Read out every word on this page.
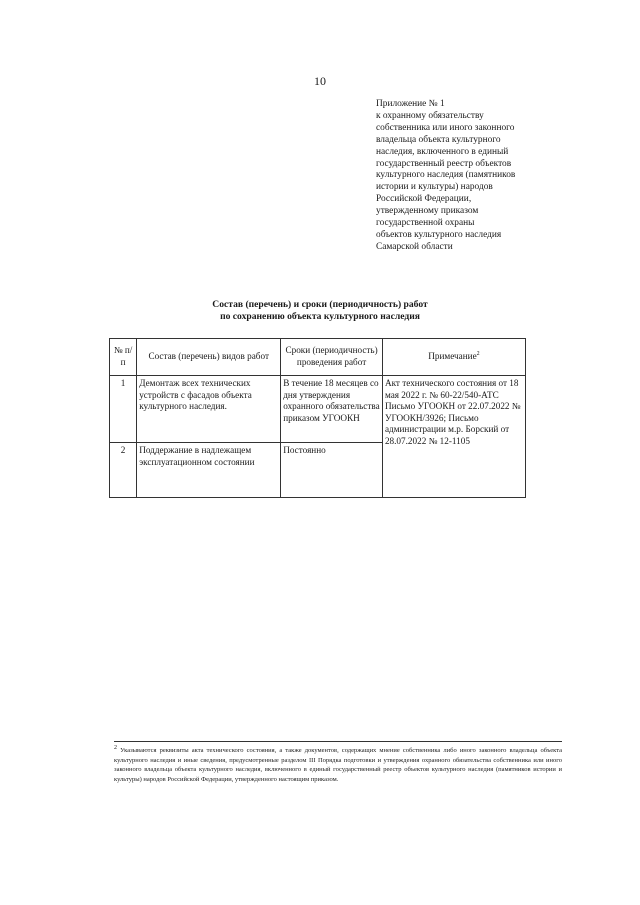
10
Приложение № 1
к охранному обязательству
собственника или иного законного
владельца объекта культурного
наследия, включенного в единый
государственный реестр объектов
культурного наследия (памятников
истории и культуры) народов
Российской Федерации,
утвержденному приказом
государственной охраны
объектов культурного наследия
Самарской области
Состав (перечень) и сроки (периодичность) работ
по сохранению объекта культурного наследия
№ п/п	Состав (перечень) видов работ	Сроки (периодичность) проведения работ	Примечание$^2$
1	Демонтаж всех технических устройств с фасадов объекта культурного наследия.	В течение 18 месяцев со дня утверждения охранного обязательства приказом УГООКН	Акт технического состояния от 18 мая 2022 г. № 60-22/540-АТС Письмо УГООКН от 22.07.2022 № УГООКН/3926; Письмо администрации м.р. Борский от 28.07.2022 № 12-1105
2	Поддержание в надлежащем эксплуатационном состоянии	Постоянно	
$^2$ Указываются реквизиты акта технического состояния, а также документов, содержащих мнение собственника либо иного законного владельца объекта культурного наследия и иные сведения, предусмотренные разделом III Порядка подготовки и утверждения охранного обязательства собственника или иного законного владельца объекта культурного наследия, включенного в единый государственный реестр объектов культурного наследия (памятников истории и культуры) народов Российской Федерации, утвержденного настоящим приказом.
